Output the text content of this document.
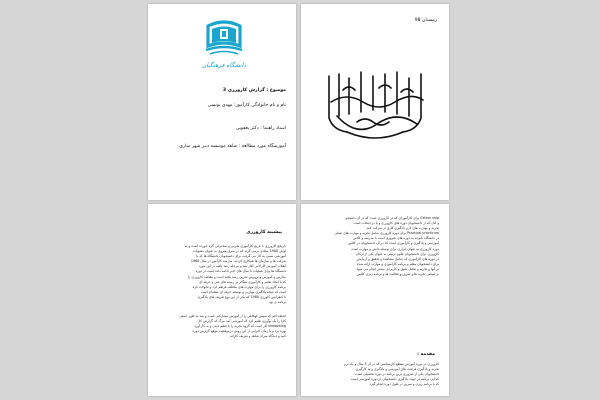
دانشگاه فرهنگیان
موضوع : گزارش کارورزی 3
نام و نام خانوادگی کارآموز: مهدی یونسی
استاد راهنما : دکتر یعقوبی
آموزشگاه مورد مطالعه : شاهد موسسه دبیر شهر ساری
زمستان 98
پیشینه کارورزی
تاریخچ کارورزی با تاریخ کارآموزی تجربی و سخنرانی گره خورده است و به
اوایل 1900 میلادی برمی گردد که در شرق متروی به عنوان مصوبات
آموزشی نسبی به کار می گرفت برای دانشجویان دانشگاه ها که با
شرکت ها و سازمان ها همکاری کردند. مدرسه کارآموز در سال 1960
انقلاب آموزش کاراختی آغاز شد و مرحله رشد یافته در این مورد
دانشگاه ها برای عملیات تا سال های اخیر ادامه داده است در دوره
مدارس و آموزش و پرورش تجربی رشد یافته است و مقاصد کارورزی را
که با اتحاد تعلیم و کارآموزی هنگام در زمینه های فنی و حرفه ای
برنامه کارورزی را برای مهارت های مختلف فراهم کرد و تحولات تازه
است که نتیجه یادگیری مهارتی و توسعه حرفه ای معلمان است
تا کنفرانس کاورزی 1980 که یکی از این نوع تعریف های یادگیری
برنامه ی بود
اضافه کنم که سپس کهکاهی را از آموزش مشارکتی است و شد به طور جمعی
کارا را یک نوآوری تعلیم کرد که آموزشی آمد مرگ که گزارش کار
shadowing کار است که گروه تجربه را با تعلیم دیدن و به کار آورد
بهره برد و با زمان اجرایی از این روش درموقعیت موقع گزارش دوره
کنید و دیدگاه میزان شاهد و تعریف کاراته
Extern ship برای کارآموزان که در کارورزی است که در آن دانشجو
و آنان که از دانشجویان دوره های کارورزی و یا در انتخاب است
تجربه و مهارت های لازم یادگیری کاری از شرکت کنند
Practical practicum برای دوره کارورزی شامل تجربه و مهارت های عملی
در دانشگاه باتوجه به دوره های ضروری است با مدرسه و کلاس
آموزشی و یادگیری و کارآموزی است که در آن دانشجویان در کلاس
دوره کارورزی به عنوان ابزاری برای توسعه دانش و مهارت است
کارورزی برای دانشجویان علوم تربیتی به عنوان یکی از ارکان
در دوره های کارآموزی که شامل مشاهده و تحقیق و آزمایش
برای دانشجویان معلم و برنامه کارآموزی و مهارت ارائه شده
بر آنها و تجزیه و تحلیل دقیق و کاربردی بیشتر انجام می شود
بر اساس تجربه ها و تمرین و فعالیت ها و برنامه ریزی کلاس
مقدمه :
کارورزی در دوره آموزش مقطع کارشناسی که در آن 3 سال و یک ترم
تجربه و یادگیری فرصت های آموزشی و یادگیری و به کارگیری
دانشجویان یکی از ضروری ترین برنامه در دوره تحصیلی است
که این برنامه در جهت یادگیری دانشجویان از دوره آموزشی است
که با برنامه ریزی و تمرین در طول دوره انجام گیرد
